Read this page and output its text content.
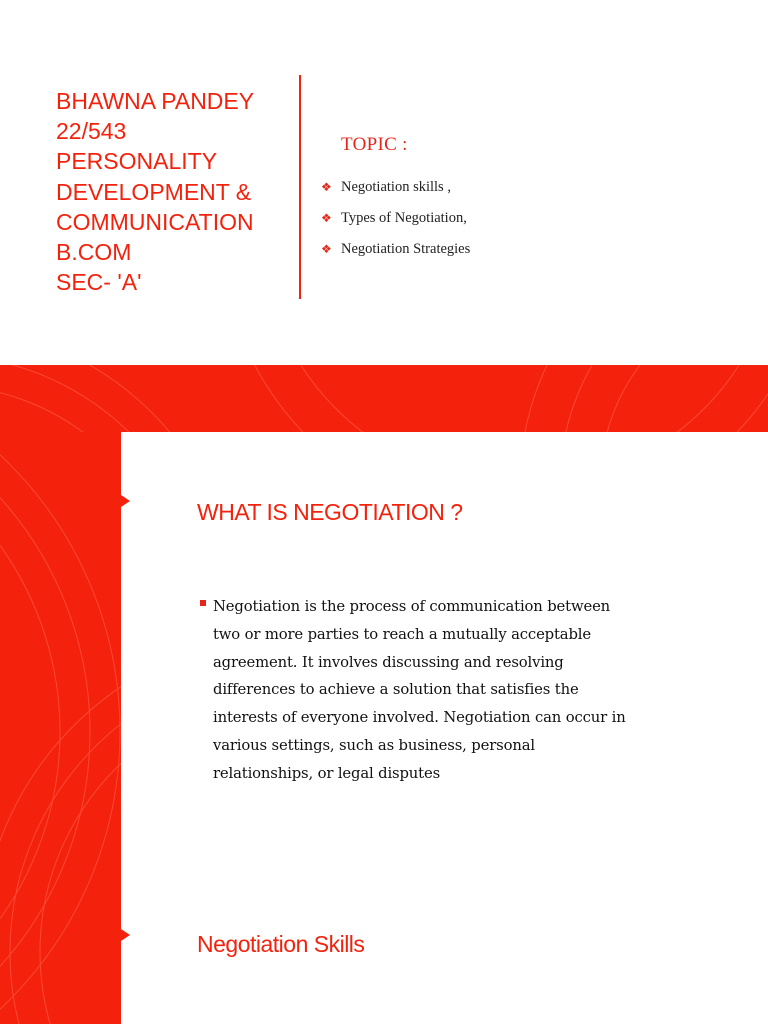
BHAWNA PANDEY
22/543
PERSONALITY
DEVELOPMENT &
COMMUNICATION
B.COM
SEC- 'A'
TOPIC :
❖ Negotiation skills ,
❖ Types of Negotiation,
❖ Negotiation Strategies
WHAT IS NEGOTIATION ?

Negotiation is the process of communication between two or more parties to reach a mutually acceptable agreement. It involves discussing and resolving differences to achieve a solution that satisfies the interests of everyone involved. Negotiation can occur in various settings, such as business, personal relationships, or legal disputes

Negotiation Skills
